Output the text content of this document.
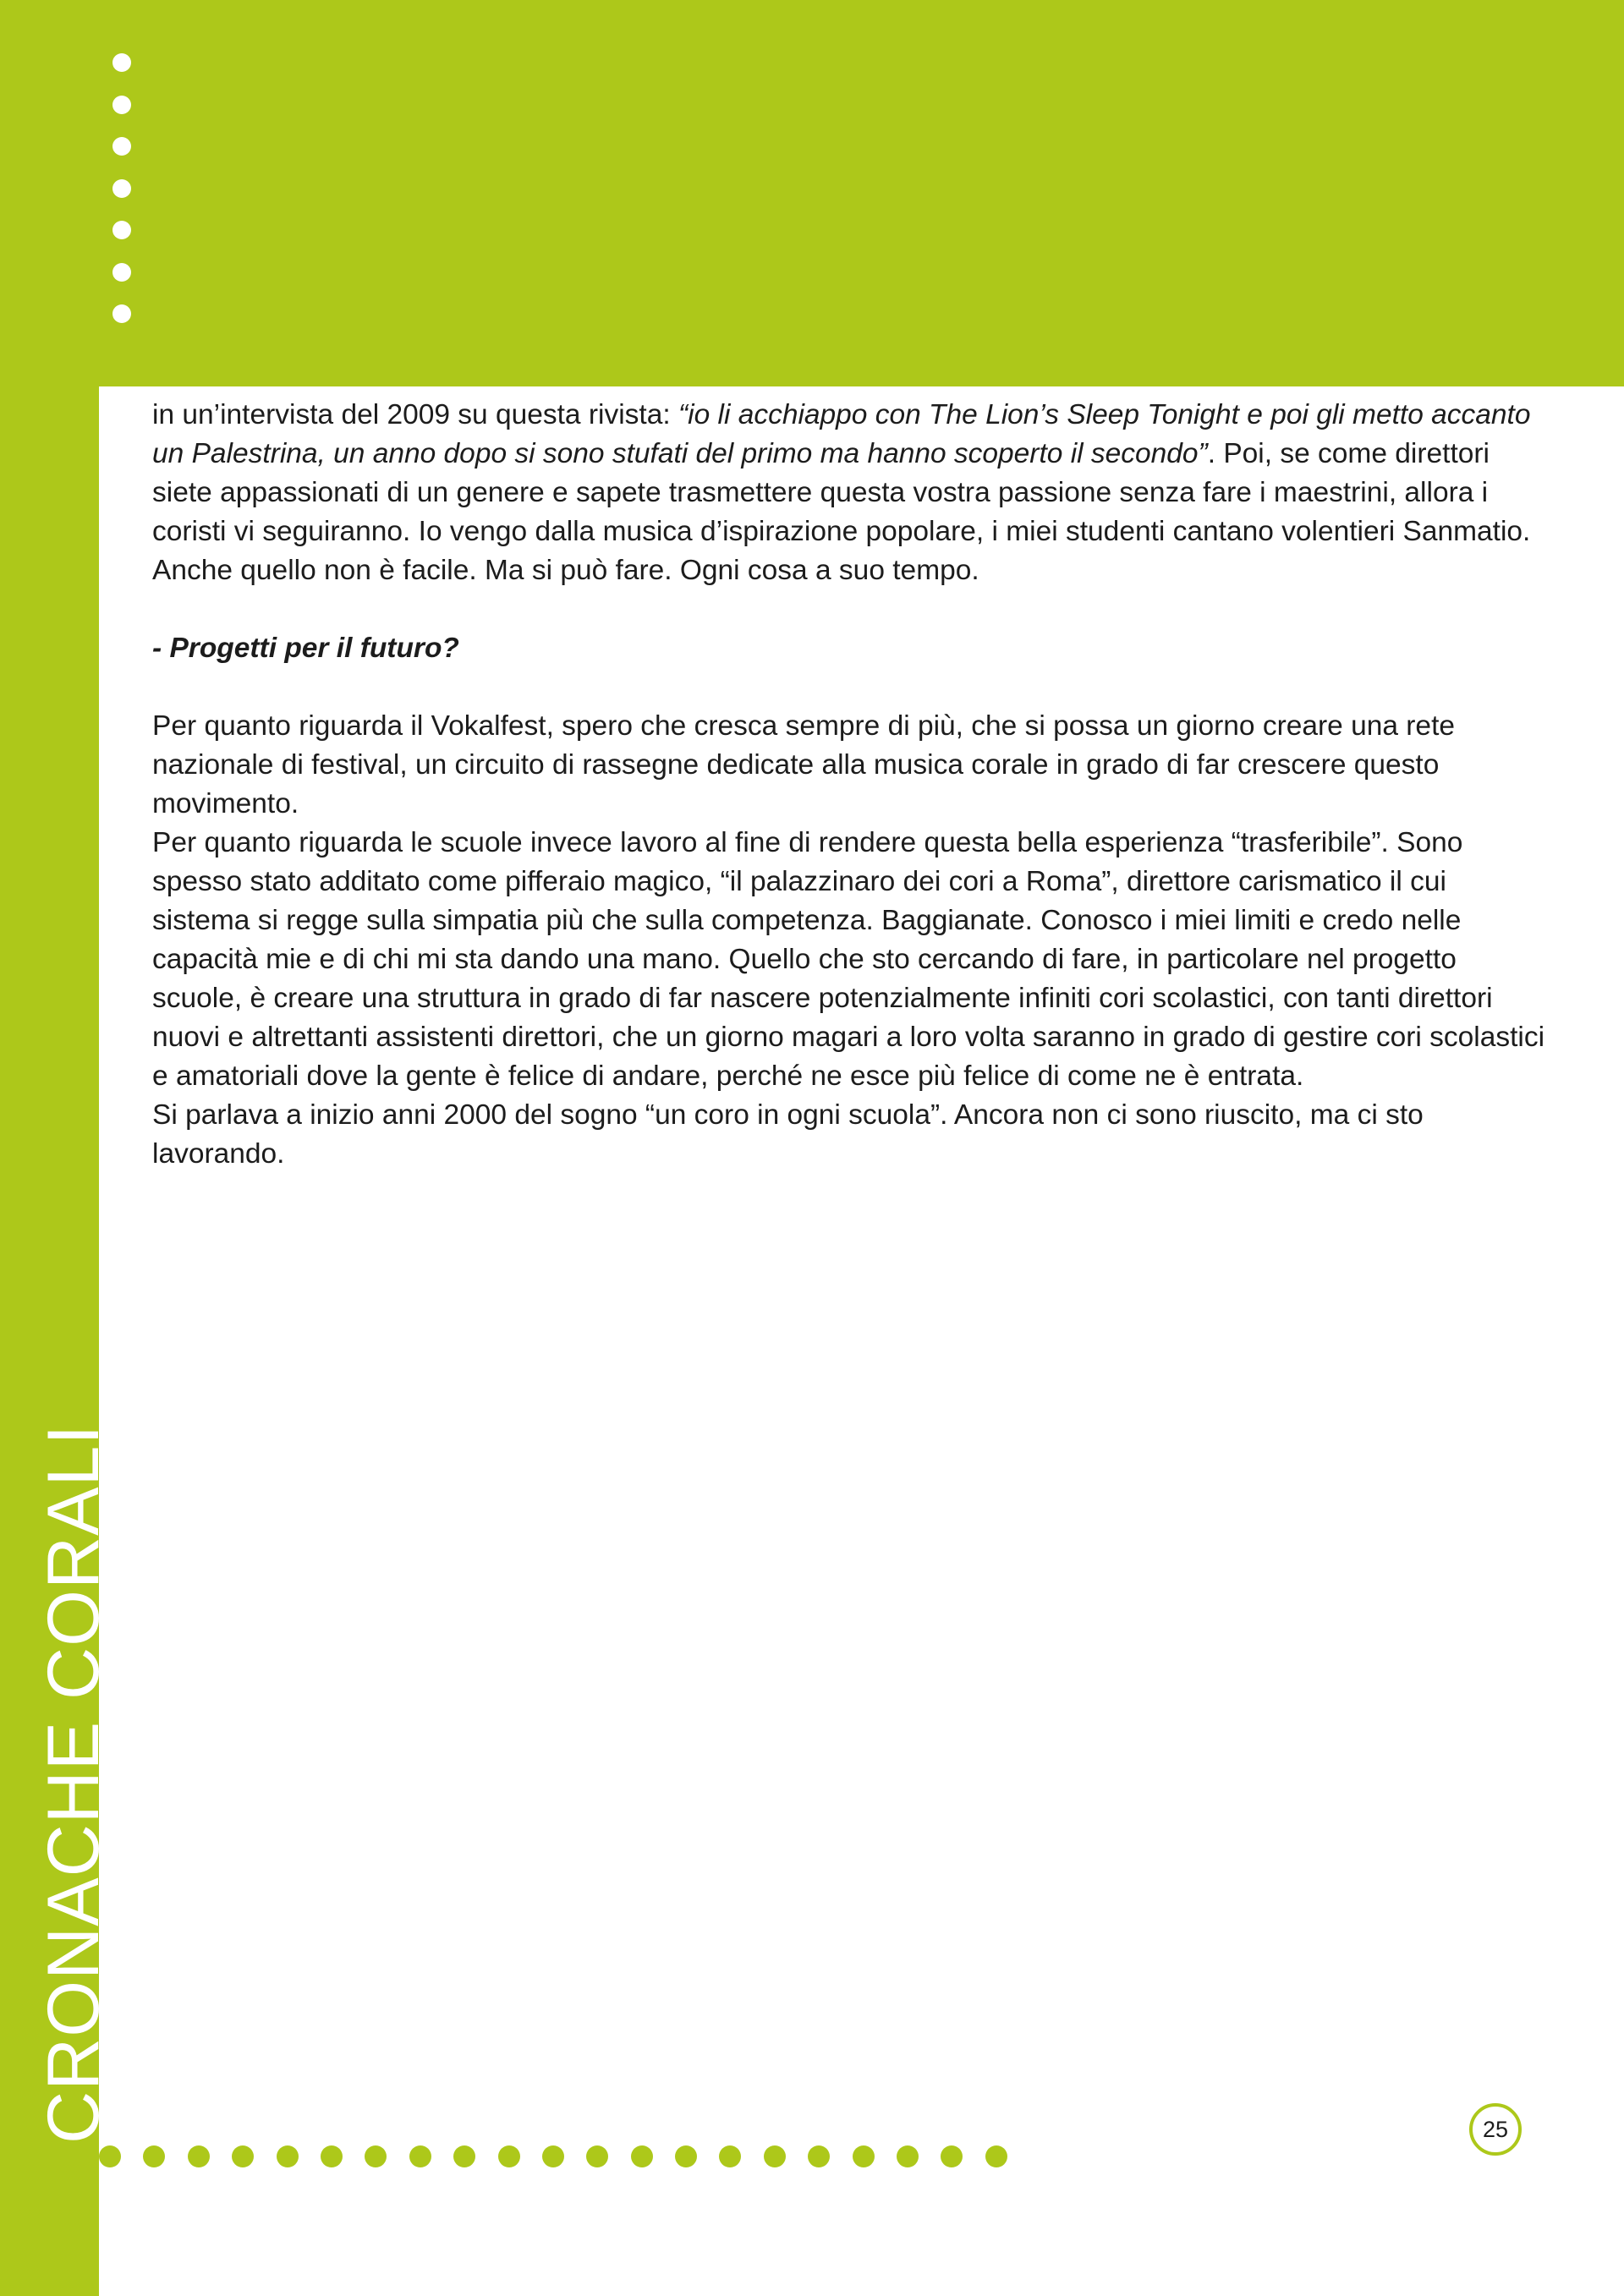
CRONACHE CORALI

in un’intervista del 2009 su questa rivista: “io li acchiappo con The Lion’s Sleep Tonight e poi gli metto accanto un Palestrina, un anno dopo si sono stufati del primo ma hanno scoperto il secondo”. Poi, se come direttori siete appassionati di un genere e sapete trasmettere questa vostra passione senza fare i maestrini, allora i coristi vi seguiranno. Io vengo dalla musica d’ispirazione popolare, i miei studenti cantano volentieri Sanmatio. Anche quello non è facile. Ma si può fare. Ogni cosa a suo tempo.

- Progetti per il futuro?

Per quanto riguarda il Vokalfest, spero che cresca sempre di più, che si possa un giorno creare una rete nazionale di festival, un circuito di rassegne dedicate alla musica corale in grado di far crescere questo movimento.

Per quanto riguarda le scuole invece lavoro al fine di rendere questa bella esperienza “trasferibile”. Sono spesso stato additato come pifferaio magico, “il palazzinaro dei cori a Roma”, direttore carismatico il cui sistema si regge sulla simpatia più che sulla competenza. Baggianate. Conosco i miei limiti e credo nelle capacità mie e di chi mi sta dando una mano. Quello che sto cercando di fare, in particolare nel progetto scuole, è creare una struttura in grado di far nascere potenzialmente infiniti cori scolastici, con tanti direttori nuovi e altrettanti assistenti direttori, che un giorno magari a loro volta saranno in grado di gestire cori scolastici e amatoriali dove la gente è felice di andare, perché ne esce più felice di come ne è entrata.

Si parlava a inizio anni 2000 del sogno “un coro in ogni scuola”. Ancora non ci sono riuscito, ma ci sto lavorando.

25
